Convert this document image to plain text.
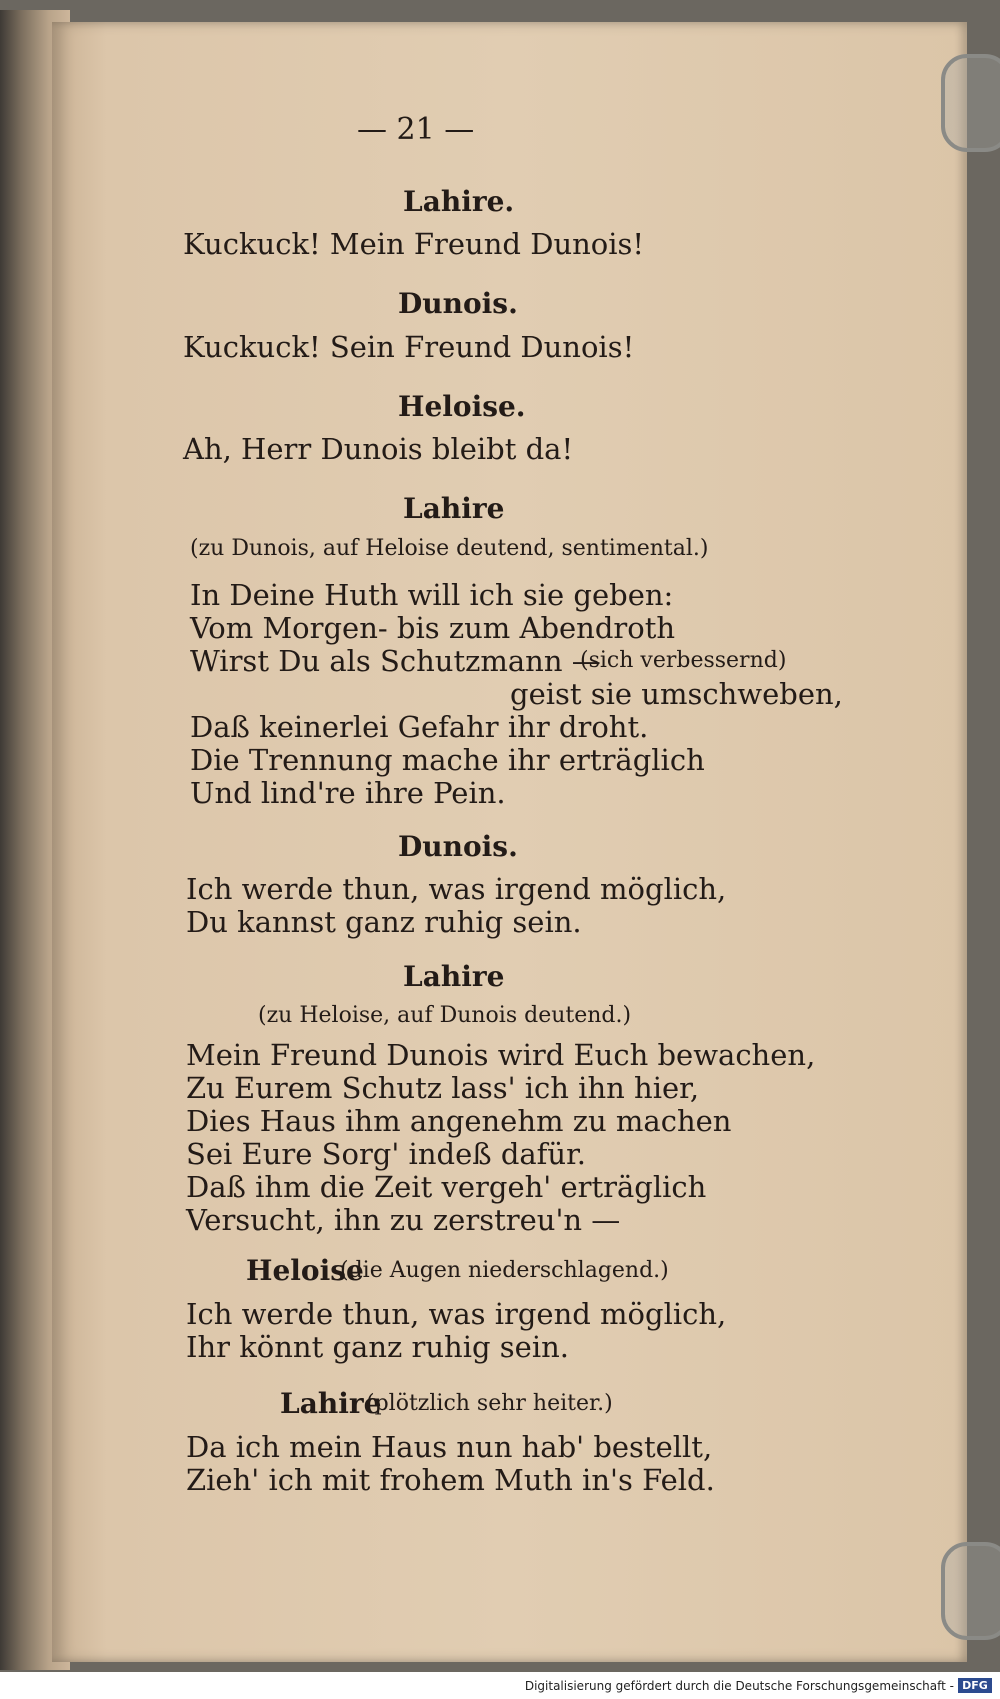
— 21 —
Lahire.
Kuckuck! Mein Freund Dunois!
Dunois.
Kuckuck! Sein Freund Dunois!
Heloise.
Ah, Herr Dunois bleibt da!
Lahire
(zu Dunois, auf Heloise deutend, sentimental.)
In Deine Huth will ich sie geben:
Vom Morgen- bis zum Abendroth
Wirst Du als Schutzmann —
(sich verbessernd)
geist sie umschweben,
Daß keinerlei Gefahr ihr droht.
Die Trennung mache ihr erträglich
Und lind're ihre Pein.
Dunois.
Ich werde thun, was irgend möglich,
Du kannst ganz ruhig sein.
Lahire
(zu Heloise, auf Dunois deutend.)
Mein Freund Dunois wird Euch bewachen,
Zu Eurem Schutz lass' ich ihn hier,
Dies Haus ihm angenehm zu machen
Sei Eure Sorg' indeß dafür.
Daß ihm die Zeit vergeh' erträglich
Versucht, ihn zu zerstreu'n —
Heloise
(die Augen niederschlagend.)
Ich werde thun, was irgend möglich,
Ihr könnt ganz ruhig sein.
Lahire
(plötzlich sehr heiter.)
Da ich mein Haus nun hab' bestellt,
Zieh' ich mit frohem Muth in's Feld.
Digitalisierung gefördert durch die Deutsche Forschungsgemeinschaft - DFG
